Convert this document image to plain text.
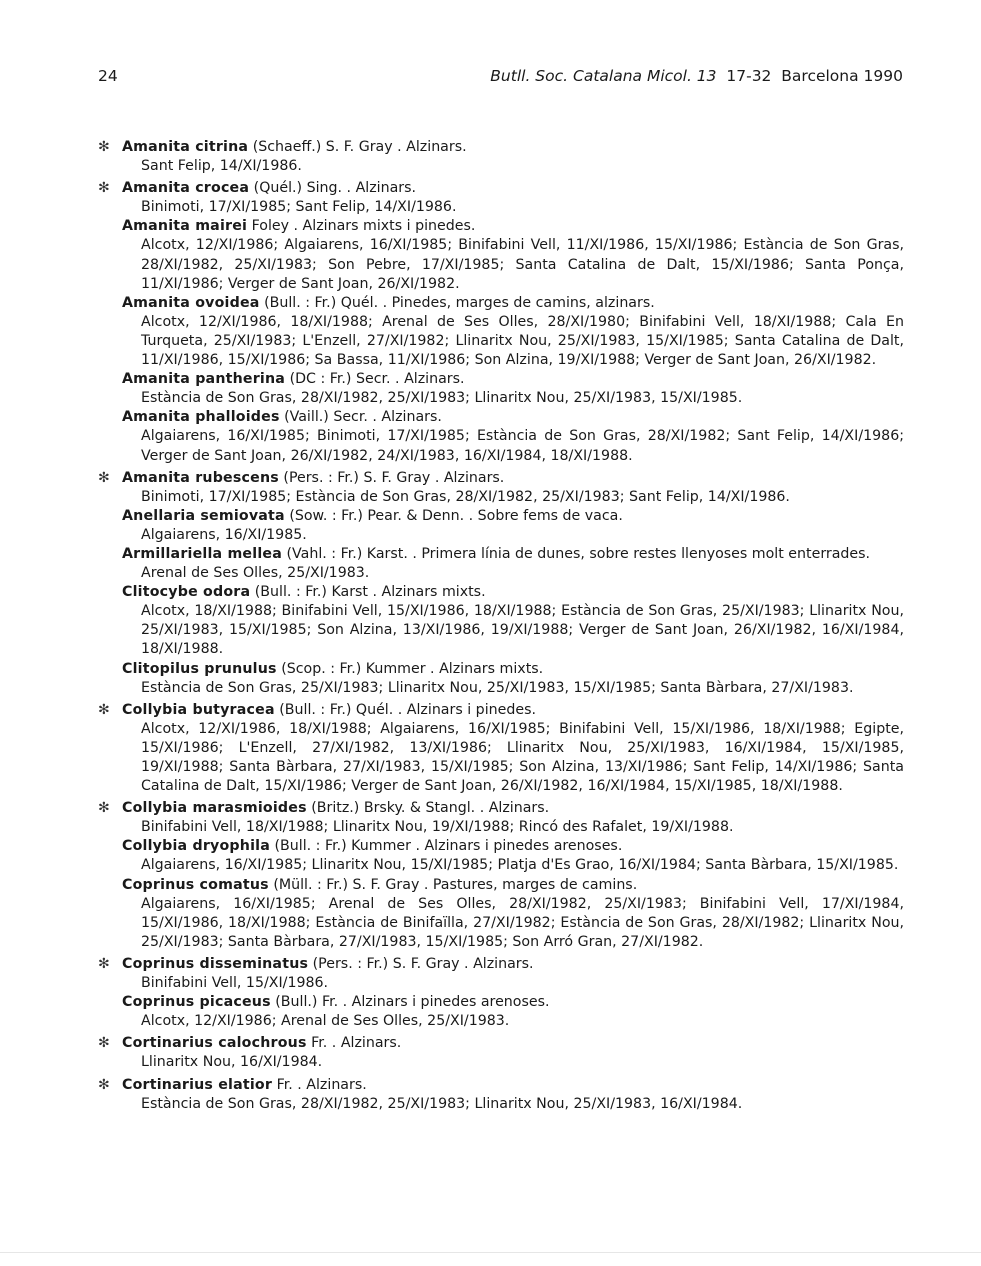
24	Butll. Soc. Catalana Micol. 13 17-32 Barcelona 1990
✻ Amanita citrina (Schaeff.) S. F. Gray . Alzinars.
Sant Felip, 14/XI/1986.
✻ Amanita crocea (Quél.) Sing. . Alzinars.
Binimoti, 17/XI/1985; Sant Felip, 14/XI/1986.
Amanita mairei Foley . Alzinars mixts i pinedes.
Alcotx, 12/XI/1986; Algaiarens, 16/XI/1985; Binifabini Vell, 11/XI/1986, 15/XI/1986; Estància de Son Gras, 28/XI/1982, 25/XI/1983; Son Pebre, 17/XI/1985; Santa Catalina de Dalt, 15/XI/1986; Santa Ponça, 11/XI/1986; Verger de Sant Joan, 26/XI/1982.
Amanita ovoidea (Bull. : Fr.) Quél. . Pinedes, marges de camins, alzinars.
Alcotx, 12/XI/1986, 18/XI/1988; Arenal de Ses Olles, 28/XI/1980; Binifabini Vell, 18/XI/1988; Cala En Turqueta, 25/XI/1983; L'Enzell, 27/XI/1982; Llinaritx Nou, 25/XI/1983, 15/XI/1985; Santa Catalina de Dalt, 11/XI/1986, 15/XI/1986; Sa Bassa, 11/XI/1986; Son Alzina, 19/XI/1988; Verger de Sant Joan, 26/XI/1982.
Amanita pantherina (DC : Fr.) Secr. . Alzinars.
Estància de Son Gras, 28/XI/1982, 25/XI/1983; Llinaritx Nou, 25/XI/1983, 15/XI/1985.
Amanita phalloides (Vaill.) Secr. . Alzinars.
Algaiarens, 16/XI/1985; Binimoti, 17/XI/1985; Estància de Son Gras, 28/XI/1982; Sant Felip, 14/XI/1986; Verger de Sant Joan, 26/XI/1982, 24/XI/1983, 16/XI/1984, 18/XI/1988.
✻ Amanita rubescens (Pers. : Fr.) S. F. Gray . Alzinars.
Binimoti, 17/XI/1985; Estància de Son Gras, 28/XI/1982, 25/XI/1983; Sant Felip, 14/XI/1986.
Anellaria semiovata (Sow. : Fr.) Pear. & Denn. . Sobre fems de vaca.
Algaiarens, 16/XI/1985.
Armillariella mellea (Vahl. : Fr.) Karst. . Primera línia de dunes, sobre restes llenyoses molt enterrades.
Arenal de Ses Olles, 25/XI/1983.
Clitocybe odora (Bull. : Fr.) Karst . Alzinars mixts.
Alcotx, 18/XI/1988; Binifabini Vell, 15/XI/1986, 18/XI/1988; Estància de Son Gras, 25/XI/1983; Llinaritx Nou, 25/XI/1983, 15/XI/1985; Son Alzina, 13/XI/1986, 19/XI/1988; Verger de Sant Joan, 26/XI/1982, 16/XI/1984, 18/XI/1988.
Clitopilus prunulus (Scop. : Fr.) Kummer . Alzinars mixts.
Estància de Son Gras, 25/XI/1983; Llinaritx Nou, 25/XI/1983, 15/XI/1985; Santa Bàrbara, 27/XI/1983.
✻ Collybia butyracea (Bull. : Fr.) Quél. . Alzinars i pinedes.
Alcotx, 12/XI/1986, 18/XI/1988; Algaiarens, 16/XI/1985; Binifabini Vell, 15/XI/1986, 18/XI/1988; Egipte, 15/XI/1986; L'Enzell, 27/XI/1982, 13/XI/1986; Llinaritx Nou, 25/XI/1983, 16/XI/1984, 15/XI/1985, 19/XI/1988; Santa Bàrbara, 27/XI/1983, 15/XI/1985; Son Alzina, 13/XI/1986; Sant Felip, 14/XI/1986; Santa Catalina de Dalt, 15/XI/1986; Verger de Sant Joan, 26/XI/1982, 16/XI/1984, 15/XI/1985, 18/XI/1988.
✻ Collybia marasmioides (Britz.) Brsky. & Stangl. . Alzinars.
Binifabini Vell, 18/XI/1988; Llinaritx Nou, 19/XI/1988; Rincó des Rafalet, 19/XI/1988.
Collybia dryophila (Bull. : Fr.) Kummer . Alzinars i pinedes arenoses.
Algaiarens, 16/XI/1985; Llinaritx Nou, 15/XI/1985; Platja d'Es Grao, 16/XI/1984; Santa Bàrbara, 15/XI/1985.
Coprinus comatus (Müll. : Fr.) S. F. Gray . Pastures, marges de camins.
Algaiarens, 16/XI/1985; Arenal de Ses Olles, 28/XI/1982, 25/XI/1983; Binifabini Vell, 17/XI/1984, 15/XI/1986, 18/XI/1988; Estància de Binifaïlla, 27/XI/1982; Estància de Son Gras, 28/XI/1982; Llinaritx Nou, 25/XI/1983; Santa Bàrbara, 27/XI/1983, 15/XI/1985; Son Arró Gran, 27/XI/1982.
✻ Coprinus disseminatus (Pers. : Fr.) S. F. Gray . Alzinars.
Binifabini Vell, 15/XI/1986.
Coprinus picaceus (Bull.) Fr. . Alzinars i pinedes arenoses.
Alcotx, 12/XI/1986; Arenal de Ses Olles, 25/XI/1983.
✻ Cortinarius calochrous Fr. . Alzinars.
Llinaritx Nou, 16/XI/1984.
✻ Cortinarius elatior Fr. . Alzinars.
Estància de Son Gras, 28/XI/1982, 25/XI/1983; Llinaritx Nou, 25/XI/1983, 16/XI/1984.
